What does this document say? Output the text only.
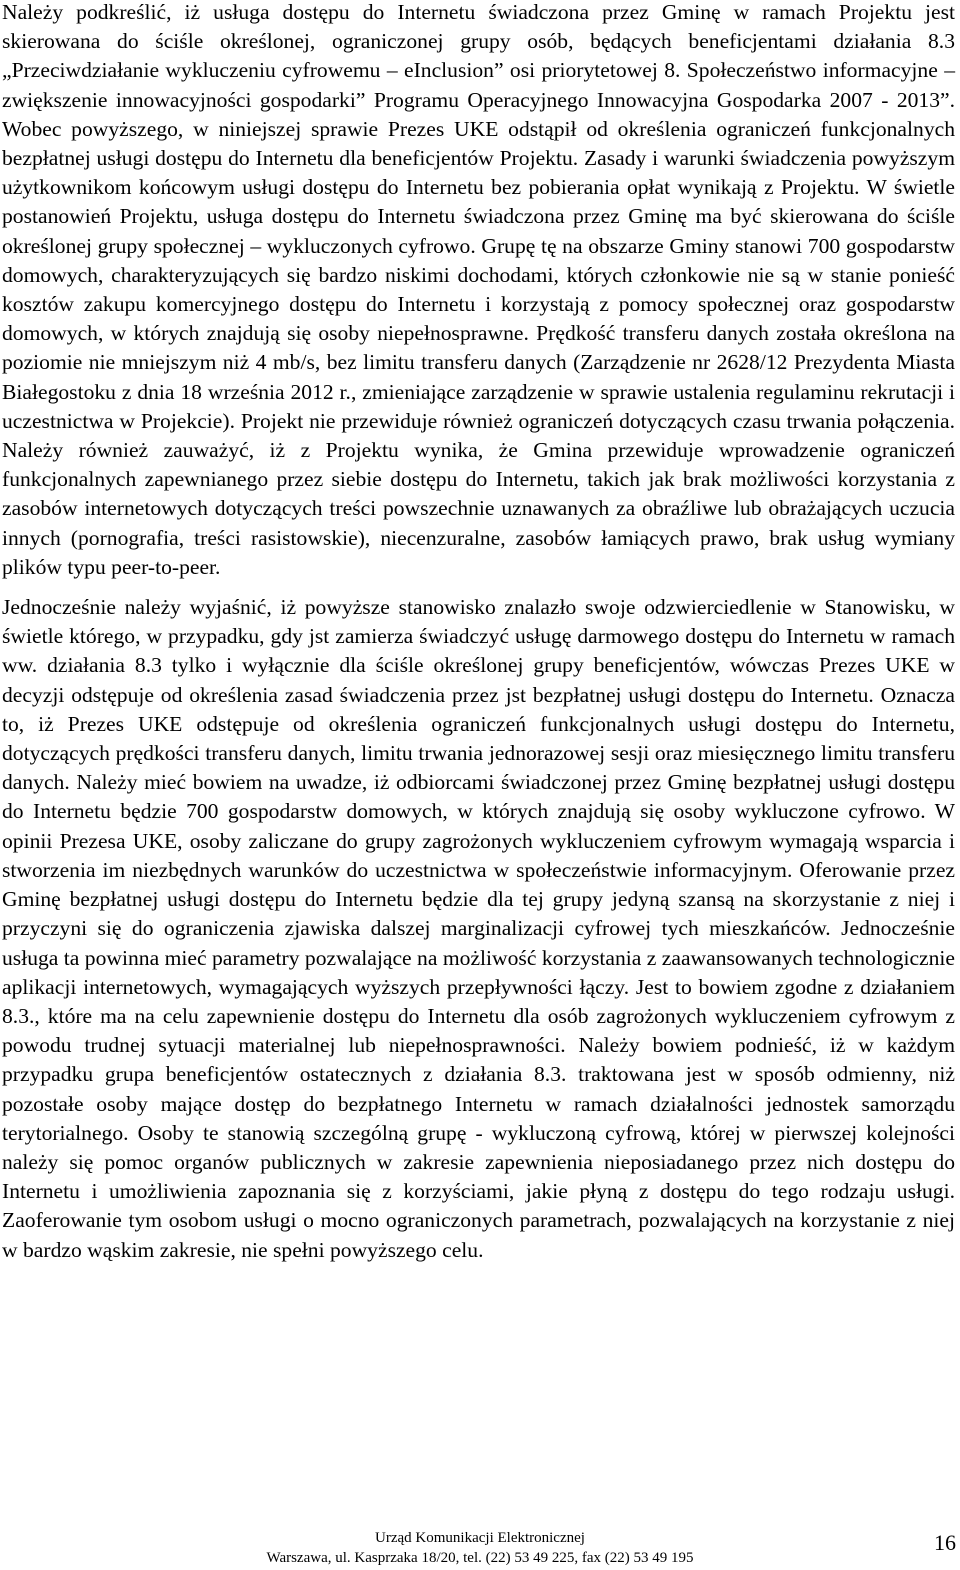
Należy podkreślić, iż usługa dostępu do Internetu świadczona przez Gminę w ramach Projektu jest skierowana do ściśle określonej, ograniczonej grupy osób, będących beneficjentami działania 8.3 „Przeciwdziałanie wykluczeniu cyfrowemu – eInclusion” osi priorytetowej 8. Społeczeństwo informacyjne – zwiększenie innowacyjności gospodarki” Programu Operacyjnego Innowacyjna Gospodarka 2007 - 2013”. Wobec powyższego, w niniejszej sprawie Prezes UKE odstąpił od określenia ograniczeń funkcjonalnych bezpłatnej usługi dostępu do Internetu dla beneficjentów Projektu. Zasady i warunki świadczenia powyższym użytkownikom końcowym usługi dostępu do Internetu bez pobierania opłat wynikają z Projektu. W świetle postanowień Projektu, usługa dostępu do Internetu świadczona przez Gminę ma być skierowana do ściśle określonej grupy społecznej – wykluczonych cyfrowo. Grupę tę na obszarze Gminy stanowi 700 gospodarstw domowych, charakteryzujących się bardzo niskimi dochodami, których członkowie nie są w stanie ponieść kosztów zakupu komercyjnego dostępu do Internetu i korzystają z pomocy społecznej oraz gospodarstw domowych, w których znajdują się osoby niepełnosprawne. Prędkość transferu danych została określona na poziomie nie mniejszym niż 4 mb/s, bez limitu transferu danych (Zarządzenie nr 2628/12 Prezydenta Miasta Białegostoku z dnia 18 września 2012 r., zmieniające zarządzenie w sprawie ustalenia regulaminu rekrutacji i uczestnictwa w Projekcie). Projekt nie przewiduje również ograniczeń dotyczących czasu trwania połączenia. Należy również zauważyć, iż z Projektu wynika, że Gmina przewiduje wprowadzenie ograniczeń funkcjonalnych zapewnianego przez siebie dostępu do Internetu, takich jak brak możliwości korzystania z zasobów internetowych dotyczących treści powszechnie uznawanych za obraźliwe lub obrażających uczucia innych (pornografia, treści rasistowskie), niecenzuralne, zasobów łamiących prawo, brak usług wymiany plików typu peer-to-peer.

Jednocześnie należy wyjaśnić, iż powyższe stanowisko znalazło swoje odzwierciedlenie w Stanowisku, w świetle którego, w przypadku, gdy jst zamierza świadczyć usługę darmowego dostępu do Internetu w ramach ww. działania 8.3 tylko i wyłącznie dla ściśle określonej grupy beneficjentów, wówczas Prezes UKE w decyzji odstępuje od określenia zasad świadczenia przez jst bezpłatnej usługi dostępu do Internetu. Oznacza to, iż Prezes UKE odstępuje od określenia ograniczeń funkcjonalnych usługi dostępu do Internetu, dotyczących prędkości transferu danych, limitu trwania jednorazowej sesji oraz miesięcznego limitu transferu danych. Należy mieć bowiem na uwadze, iż odbiorcami świadczonej przez Gminę bezpłatnej usługi dostępu do Internetu będzie 700 gospodarstw domowych, w których znajdują się osoby wykluczone cyfrowo. W opinii Prezesa UKE, osoby zaliczane do grupy zagrożonych wykluczeniem cyfrowym wymagają wsparcia i stworzenia im niezbędnych warunków do uczestnictwa w społeczeństwie informacyjnym. Oferowanie przez Gminę bezpłatnej usługi dostępu do Internetu będzie dla tej grupy jedyną szansą na skorzystanie z niej i przyczyni się do ograniczenia zjawiska dalszej marginalizacji cyfrowej tych mieszkańców. Jednocześnie usługa ta powinna mieć parametry pozwalające na możliwość korzystania z zaawansowanych technologicznie aplikacji internetowych, wymagających wyższych przepływności łączy. Jest to bowiem zgodne z działaniem 8.3., które ma na celu zapewnienie dostępu do Internetu dla osób zagrożonych wykluczeniem cyfrowym z powodu trudnej sytuacji materialnej lub niepełnosprawności. Należy bowiem podnieść, iż w każdym przypadku grupa beneficjentów ostatecznych z działania 8.3. traktowana jest w sposób odmienny, niż pozostałe osoby mające dostęp do bezpłatnego Internetu w ramach działalności jednostek samorządu terytorialnego. Osoby te stanowią szczególną grupę - wykluczoną cyfrową, której w pierwszej kolejności należy się pomoc organów publicznych w zakresie zapewnienia nieposiadanego przez nich dostępu do Internetu i umożliwienia zapoznania się z korzyściami, jakie płyną z dostępu do tego rodzaju usługi. Zaoferowanie tym osobom usługi o mocno ograniczonych parametrach, pozwalających na korzystanie z niej w bardzo wąskim zakresie, nie spełni powyższego celu.

Urząd Komunikacji Elektronicznej
Warszawa, ul. Kasprzaka 18/20, tel. (22) 53 49 225, fax (22) 53 49 195
16
